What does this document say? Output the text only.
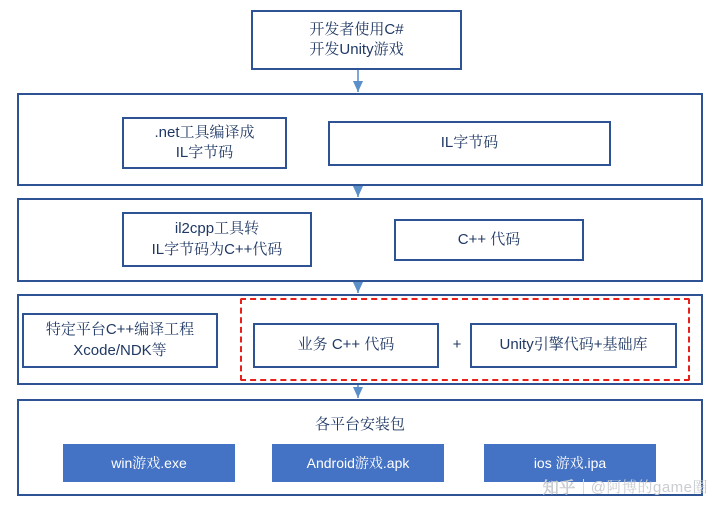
开发者使用C#
开发Unity游戏
.net工具编译成
IL字节码
IL字节码
il2cpp工具转
IL字节码为C++代码
C++ 代码
特定平台C++编译工程
Xcode/NDK等	业务 C++ 代码	+	Unity引擎代码+基础库
各平台安装包
win游戏.exe	Android游戏.apk	ios 游戏.ipa
知乎 @阿博的game圈
